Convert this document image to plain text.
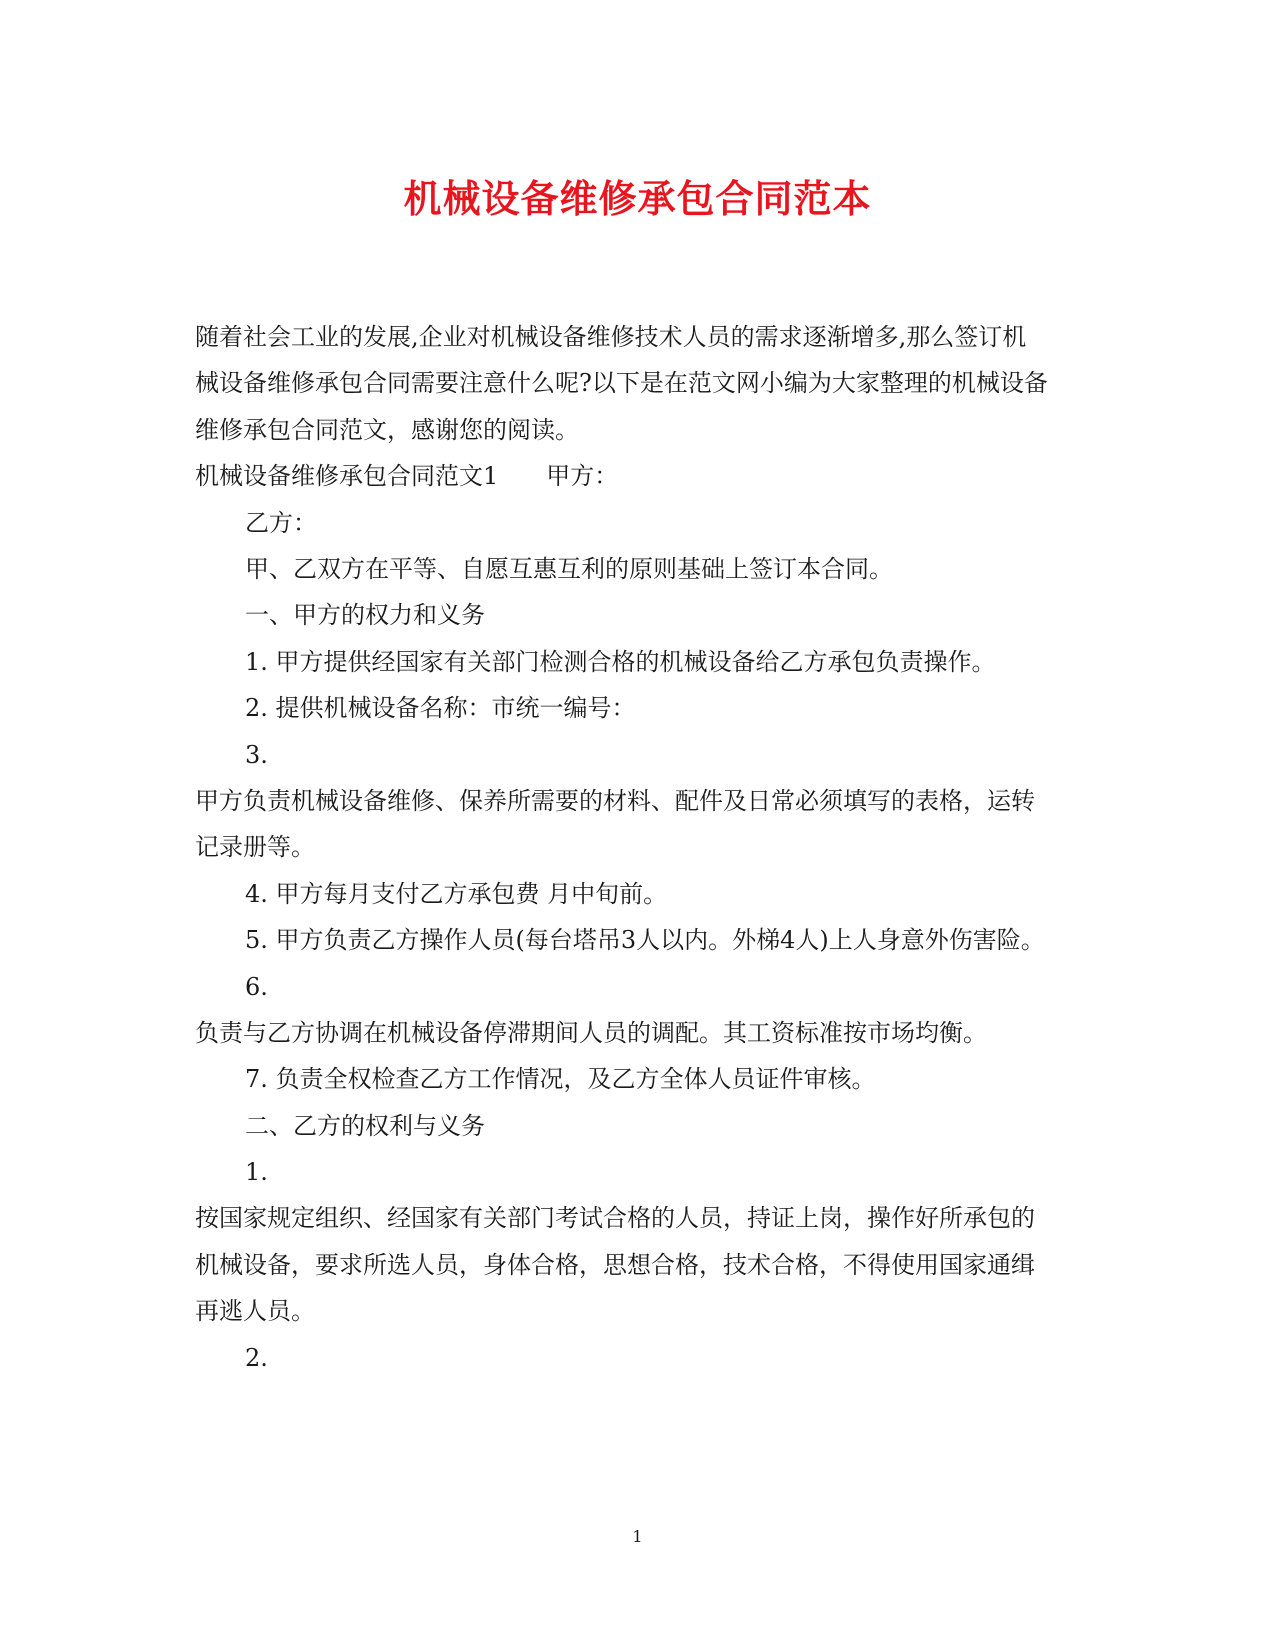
机械设备维修承包合同范本
随着社会工业的发展,企业对机械设备维修技术人员的需求逐渐增多,那么签订机
械设备维修承包合同需要注意什么呢?以下是在范文网小编为大家整理的机械设备
维修承包合同范文，感谢您的阅读。
机械设备维修承包合同范文1 甲方：
乙方：
甲、乙双方在平等、自愿互惠互利的原则基础上签订本合同。
一、甲方的权力和义务
1. 甲方提供经国家有关部门检测合格的机械设备给乙方承包负责操作。
2. 提供机械设备名称：市统一编号：
3.
甲方负责机械设备维修、保养所需要的材料、配件及日常必须填写的表格，运转
记录册等。
4. 甲方每月支付乙方承包费 月中旬前。
5. 甲方负责乙方操作人员(每台塔吊3人以内。外梯4人)上人身意外伤害险。
6.
负责与乙方协调在机械设备停滞期间人员的调配。其工资标准按市场均衡。
7. 负责全权检查乙方工作情况，及乙方全体人员证件审核。
二、乙方的权利与义务
1.
按国家规定组织、经国家有关部门考试合格的人员，持证上岗，操作好所承包的
机械设备，要求所选人员，身体合格，思想合格，技术合格，不得使用国家通缉
再逃人员。
2.
1
